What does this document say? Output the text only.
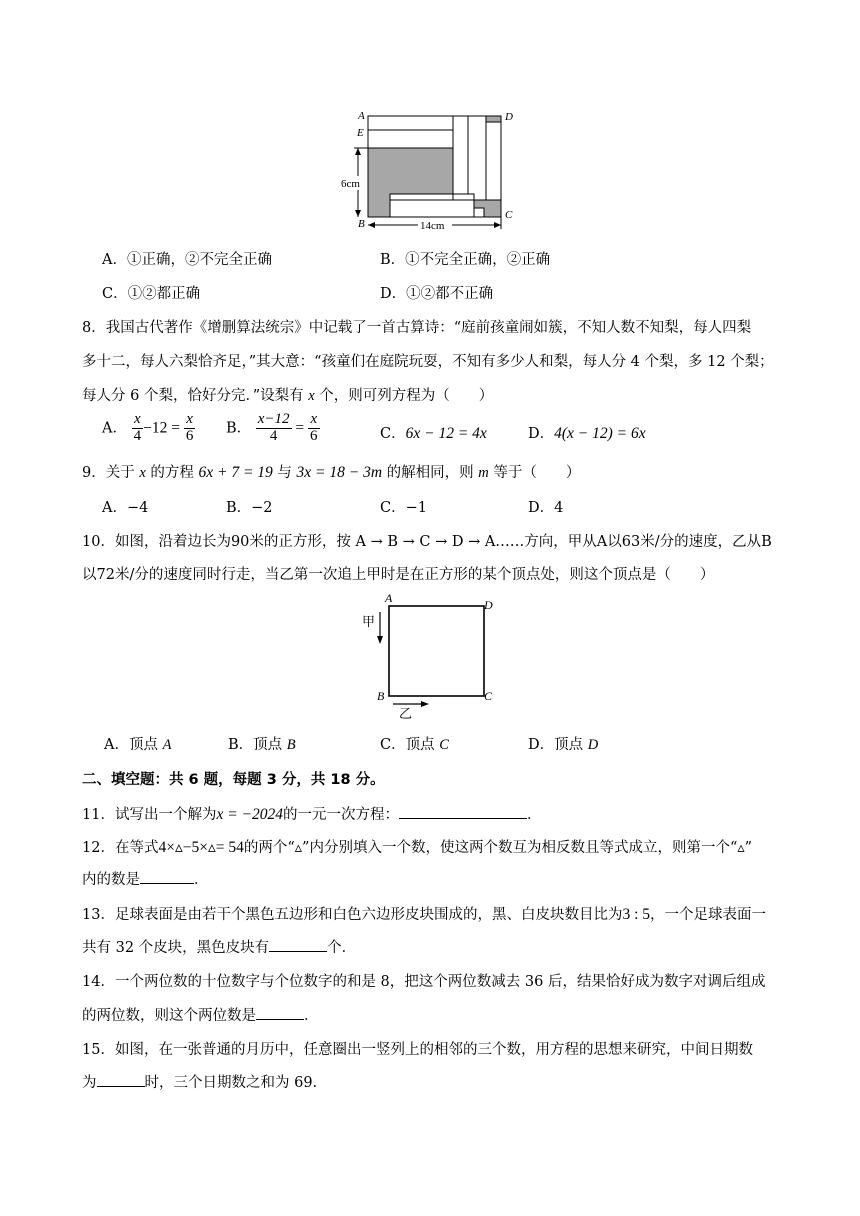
6cm
14cm
A
E
D
B
C
A．①正确，②不完全正确	B．①不完全正确，②正确
C．①②都正确	D．①②都不正确
8．我国古代著作《增删算法统宗》中记载了一首古算诗：“庭前孩童闹如簇，不知人数不知梨，每人四梨
多十二，每人六梨恰齐足，”其大意：“孩童们在庭院玩耍，不知有多少人和梨，每人分 4 个梨，多 12 个梨；
每人分 6 个梨，恰好分完．”设梨有 x 个，则可列方程为（　　）
A． $\frac{x}{4} -12 = \frac{x}{6}$ B． $\frac{x-12}{4} = \frac{x}{6}$	C．6x − 12 = 4x	D．4(x − 12) = 6x
9．关于 x 的方程 6x + 7 = 19 与 3x = 18 − 3m 的解相同，则 m 等于（　　）
A．−4	B．−2	C．−1	D．4
10．如图，沿着边长为90米的正方形，按 A → B → C → D → A……方向，甲从A以63米/分的速度，乙从B
以72米/分的速度同时行走，当乙第一次追上甲时是在正方形的某个顶点处，则这个顶点是（　　）
A	D
B	C
甲
乙
A．顶点 A	B．顶点 B	C．顶点 C	D．顶点 D
二、填空题：共 6 题，每题 3 分，共 18 分。
11．试写出一个解为x = −2024的一元一次方程：	．
12．在等式4×▵−5×▵= 54的两个“▵”内分别填入一个数，使这两个数互为相反数且等式成立，则第一个“▵”
内的数是	．
13．足球表面是由若干个黑色五边形和白色六边形皮块围成的，黑、白皮块数目比为3 : 5，一个足球表面一
共有 32 个皮块，黑色皮块有	个．
14．一个两位数的十位数字与个位数字的和是 8，把这个两位数减去 36 后，结果恰好成为数字对调后组成
的两位数，则这个两位数是	．
15．如图，在一张普通的月历中，任意圈出一竖列上的相邻的三个数，用方程的思想来研究，中间日期数
为	时，三个日期数之和为 69.
